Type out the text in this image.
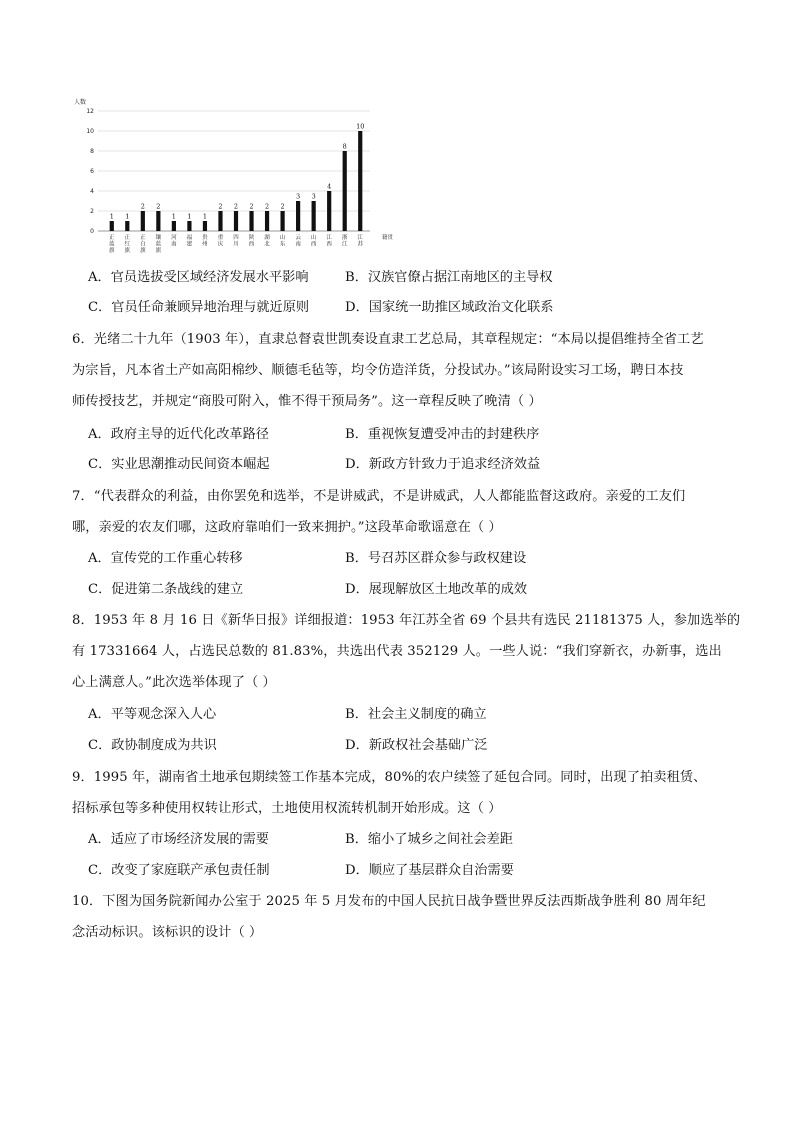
人数
0
2
4
6
8
10
12
1 1
2 2
1 1 1
2 2 2 2 2
3 3
4
8
10
正蓝旗
正红旗
正白旗
镶蓝旗
河南
福建
贵州
重庆
四川
陕西
湖北
山东
云南
山西
江西
浙江
江苏
籍贯
A．官员选拔受区域经济发展水平影响	B．汉族官僚占据江南地区的主导权
C．官员任命兼顾异地治理与就近原则	D．国家统一助推区域政治文化联系
6．光绪二十九年（1903 年），直隶总督袁世凯奏设直隶工艺总局，其章程规定：“本局以提倡维持全省工艺
为宗旨，凡本省土产如高阳棉纱、顺德毛毡等，均令仿造洋货，分投试办。”该局附设实习工场，聘日本技
师传授技艺，并规定“商股可附入，惟不得干预局务”。这一章程反映了晚清（ ）
A．政府主导的近代化改革路径	B．重视恢复遭受冲击的封建秩序
C．实业思潮推动民间资本崛起	D．新政方针致力于追求经济效益
7．“代表群众的利益，由你罢免和选举，不是讲威武，不是讲威武，人人都能监督这政府。亲爱的工友们
哪，亲爱的农友们哪，这政府靠咱们一致来拥护。”这段革命歌谣意在（ ）
A．宣传党的工作重心转移	B．号召苏区群众参与政权建设
C．促进第二条战线的建立	D．展现解放区土地改革的成效
8．1953 年 8 月 16 日《新华日报》详细报道：1953 年江苏全省 69 个县共有选民 21181375 人，参加选举的
有 17331664 人，占选民总数的 81.83%，共选出代表 352129 人。一些人说：“我们穿新衣，办新事，选出
心上满意人。”此次选举体现了（ ）
A．平等观念深入人心	B．社会主义制度的确立
C．政协制度成为共识	D．新政权社会基础广泛
9．1995 年，湖南省土地承包期续签工作基本完成，80%的农户续签了延包合同。同时，出现了拍卖租赁、
招标承包等多种使用权转让形式，土地使用权流转机制开始形成。这（ ）
A．适应了市场经济发展的需要	B．缩小了城乡之间社会差距
C．改变了家庭联产承包责任制	D．顺应了基层群众自治需要
10．下图为国务院新闻办公室于 2025 年 5 月发布的中国人民抗日战争暨世界反法西斯战争胜利 80 周年纪
念活动标识。该标识的设计（ ）
